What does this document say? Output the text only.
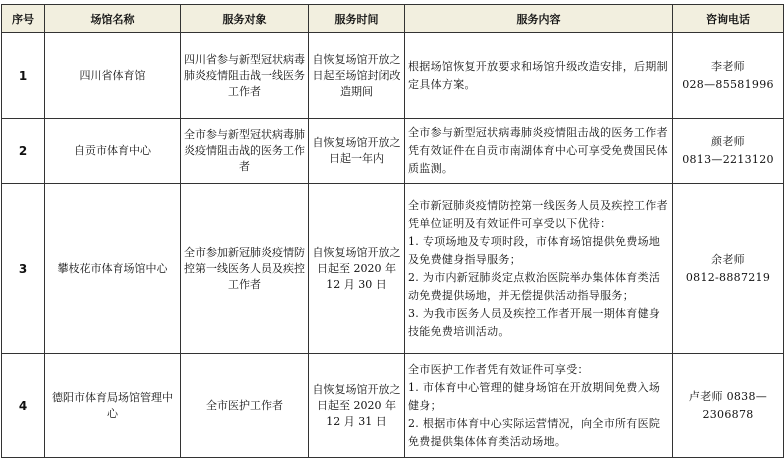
序号	场馆名称	服务对象	服务时间	服务内容	咨询电话
1	四川省体育馆	四川省参与新型冠状病毒肺炎疫情阻击战一线医务工作者	自恢复场馆开放之日起至场馆封闭改造期间	根据场馆恢复开放要求和场馆升级改造安排，后期制定具体方案。	李老师
028—85581996
2	自贡市体育中心	全市参与新型冠状病毒肺炎疫情阻击战的医务工作者	自恢复场馆开放之日起一年内	全市参与新型冠状病毒肺炎疫情阻击战的医务工作者凭有效证件在自贡市南湖体育中心可享受免费国民体质监测。	颜老师
0813—2213120
3	攀枝花市体育场馆中心	全市参加新冠肺炎疫情防控第一线医务人员及疾控工作者	自恢复场馆开放之日起至 2020 年 12 月 30 日	全市新冠肺炎疫情防控第一线医务人员及疾控工作者凭单位证明及有效证件可享受以下优待：
1. 专项场地及专项时段，市体育场馆提供免费场地及免费健身指导服务；
2. 为市内新冠肺炎定点救治医院举办集体体育类活动免费提供场地，并无偿提供活动指导服务；
3. 为我市医务人员及疾控工作者开展一期体育健身技能免费培训活动。	余老师
0812-8887219
4	德阳市体育局场馆管理中心	全市医护工作者	自恢复场馆开放之日起至 2020 年 12 月 31 日	全市医护工作者凭有效证件可享受：
1. 市体育中心管理的健身场馆在开放期间免费入场健身；
2. 根据市体育中心实际运营情况，向全市所有医院免费提供集体体育类活动场地。	卢老师 0838—2306878
